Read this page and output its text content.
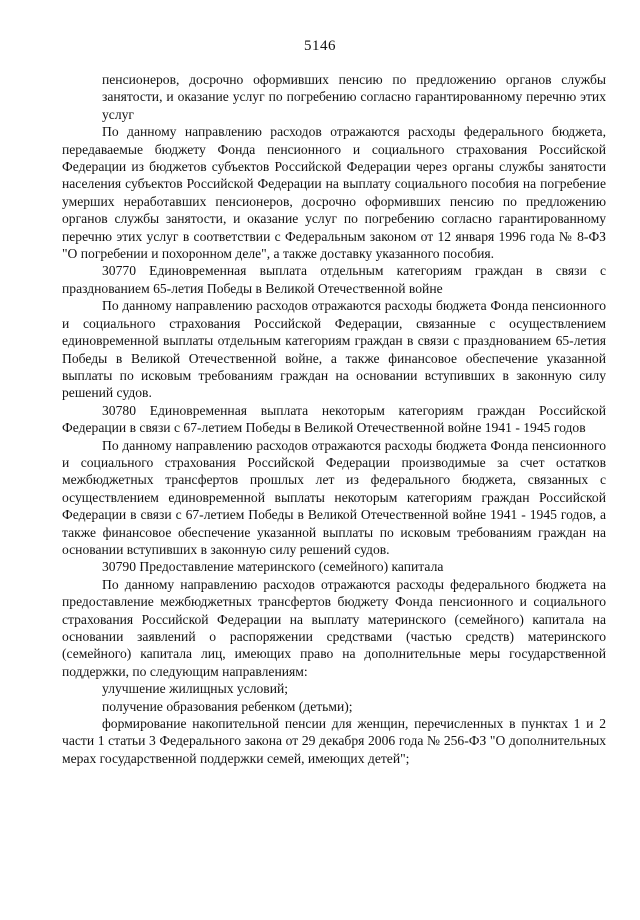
5146

пенсионеров, досрочно оформивших пенсию по предложению органов службы занятости, и оказание услуг по погребению согласно гарантированному перечню этих услуг

По данному направлению расходов отражаются расходы федерального бюджета, передаваемые бюджету Фонда пенсионного и социального страхования Российской Федерации из бюджетов субъектов Российской Федерации через органы службы занятости населения субъектов Российской Федерации на выплату социального пособия на погребение умерших неработавших пенсионеров, досрочно оформивших пенсию по предложению органов службы занятости, и оказание услуг по погребению согласно гарантированному перечню этих услуг в соответствии с Федеральным законом от 12 января 1996 года № 8-ФЗ "О погребении и похоронном деле", а также доставку указанного пособия.

30770 Единовременная выплата отдельным категориям граждан в связи с празднованием 65-летия Победы в Великой Отечественной войне

По данному направлению расходов отражаются расходы бюджета Фонда пенсионного и социального страхования Российской Федерации, связанные с осуществлением единовременной выплаты отдельным категориям граждан в связи с празднованием 65-летия Победы в Великой Отечественной войне, а также финансовое обеспечение указанной выплаты по исковым требованиям граждан на основании вступивших в законную силу решений судов.

30780 Единовременная выплата некоторым категориям граждан Российской Федерации в связи с 67-летием Победы в Великой Отечественной войне 1941 - 1945 годов

По данному направлению расходов отражаются расходы бюджета Фонда пенсионного и социального страхования Российской Федерации производимые за счет остатков межбюджетных трансфертов прошлых лет из федерального бюджета, связанных с осуществлением единовременной выплаты некоторым категориям граждан Российской Федерации в связи с 67-летием Победы в Великой Отечественной войне 1941 - 1945 годов, а также финансовое обеспечение указанной выплаты по исковым требованиям граждан на основании вступивших в законную силу решений судов.

30790 Предоставление материнского (семейного) капитала

По данному направлению расходов отражаются расходы федерального бюджета на предоставление межбюджетных трансфертов бюджету Фонда пенсионного и социального страхования Российской Федерации на выплату материнского (семейного) капитала на основании заявлений о распоряжении средствами (частью средств) материнского (семейного) капитала лиц, имеющих право на дополнительные меры государственной поддержки, по следующим направлениям:

улучшение жилищных условий;

получение образования ребенком (детьми);

формирование накопительной пенсии для женщин, перечисленных в пунктах 1 и 2 части 1 статьи 3 Федерального закона от 29 декабря 2006 года № 256-ФЗ "О дополнительных мерах государственной поддержки семей, имеющих детей";
